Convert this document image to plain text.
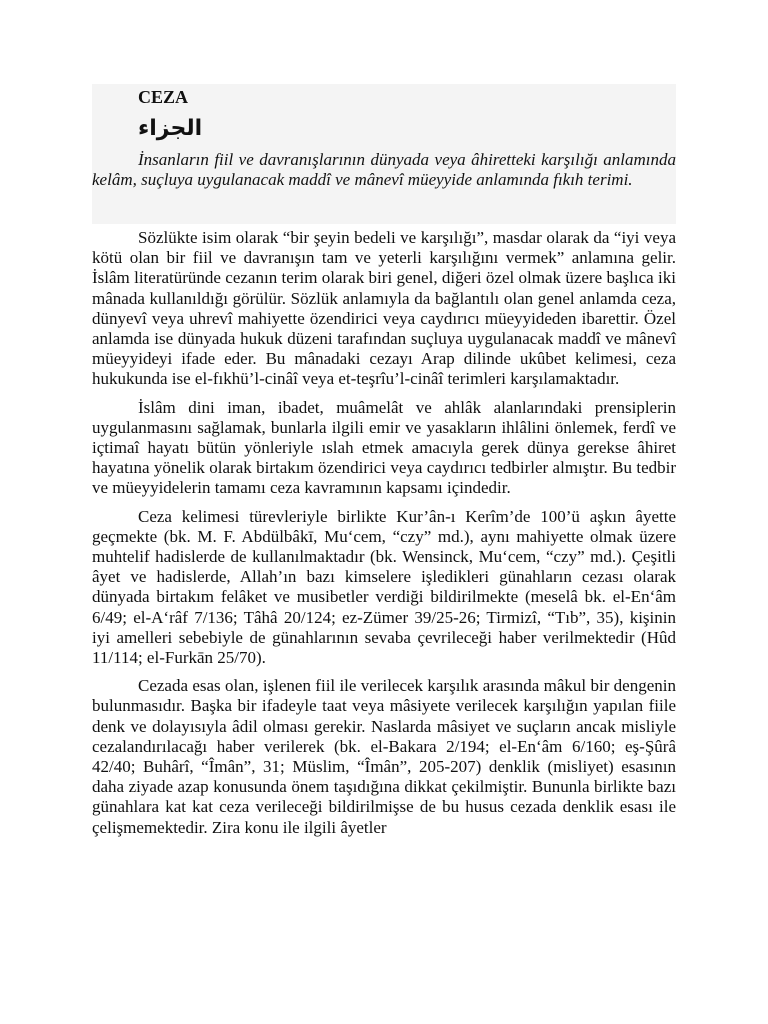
CEZA
الجزاء

İnsanların fiil ve davranışlarının dünyada veya âhiretteki karşılığı anlamında kelâm, suçluya uygulanacak maddî ve mânevî müeyyide anlamında fıkıh terimi.

Sözlükte isim olarak “bir şeyin bedeli ve karşılığı”, masdar olarak da “iyi veya kötü olan bir fiil ve davranışın tam ve yeterli karşılığını vermek” anlamına gelir. İslâm literatüründe cezanın terim olarak biri genel, diğeri özel olmak üzere başlıca iki mânada kullanıldığı görülür. Sözlük anlamıyla da bağlantılı olan genel anlamda ceza, dünyevî veya uhrevî mahiyette özendirici veya caydırıcı müeyyideden ibarettir. Özel anlamda ise dünyada hukuk düzeni tarafından suçluya uygulanacak maddî ve mânevî müeyyideyi ifade eder. Bu mânadaki cezayı Arap dilinde ukûbet kelimesi, ceza hukukunda ise el-fıkhü’l-cinâî veya et-teşrîu’l-cinâî terimleri karşılamaktadır.

İslâm dini iman, ibadet, muâmelât ve ahlâk alanlarındaki prensiplerin uygulanmasını sağlamak, bunlarla ilgili emir ve yasakların ihlâlini önlemek, ferdî ve içtimaî hayatı bütün yönleriyle ıslah etmek amacıyla gerek dünya gerekse âhiret hayatına yönelik olarak birtakım özendirici veya caydırıcı tedbirler almıştır. Bu tedbir ve müeyyidelerin tamamı ceza kavramının kapsamı içindedir.

Ceza kelimesi türevleriyle birlikte Kur’ân-ı Kerîm’de 100’ü aşkın âyette geçmekte (bk. M. F. Abdülbâkī, Mu‘cem, “czy” md.), aynı mahiyette olmak üzere muhtelif hadislerde de kullanılmaktadır (bk. Wensinck, Mu‘cem, “czy” md.). Çeşitli âyet ve hadislerde, Allah’ın bazı kimselere işledikleri günahların cezası olarak dünyada birtakım felâket ve musibetler verdiği bildirilmekte (meselâ bk. el-En‘âm 6/49; el-A‘râf 7/136; Tâhâ 20/124; ez-Zümer 39/25-26; Tirmizî, “Tıb”, 35), kişinin iyi amelleri sebebiyle de günahlarının sevaba çevrileceği haber verilmektedir (Hûd 11/114; el-Furkān 25/70).

Cezada esas olan, işlenen fiil ile verilecek karşılık arasında mâkul bir dengenin bulunmasıdır. Başka bir ifadeyle taat veya mâsiyete verilecek karşılığın yapılan fiile denk ve dolayısıyla âdil olması gerekir. Naslarda mâsiyet ve suçların ancak misliyle cezalandırılacağı haber verilerek (bk. el-Bakara 2/194; el-En‘âm 6/160; eş-Şûrâ 42/40; Buhârî, “Îmân”, 31; Müslim, “Îmân”, 205-207) denklik (misliyet) esasının daha ziyade azap konusunda önem taşıdığına dikkat çekilmiştir. Bununla birlikte bazı günahlara kat kat ceza verileceği bildirilmişse de bu husus cezada denklik esası ile çelişmemektedir. Zira konu ile ilgili âyetler
